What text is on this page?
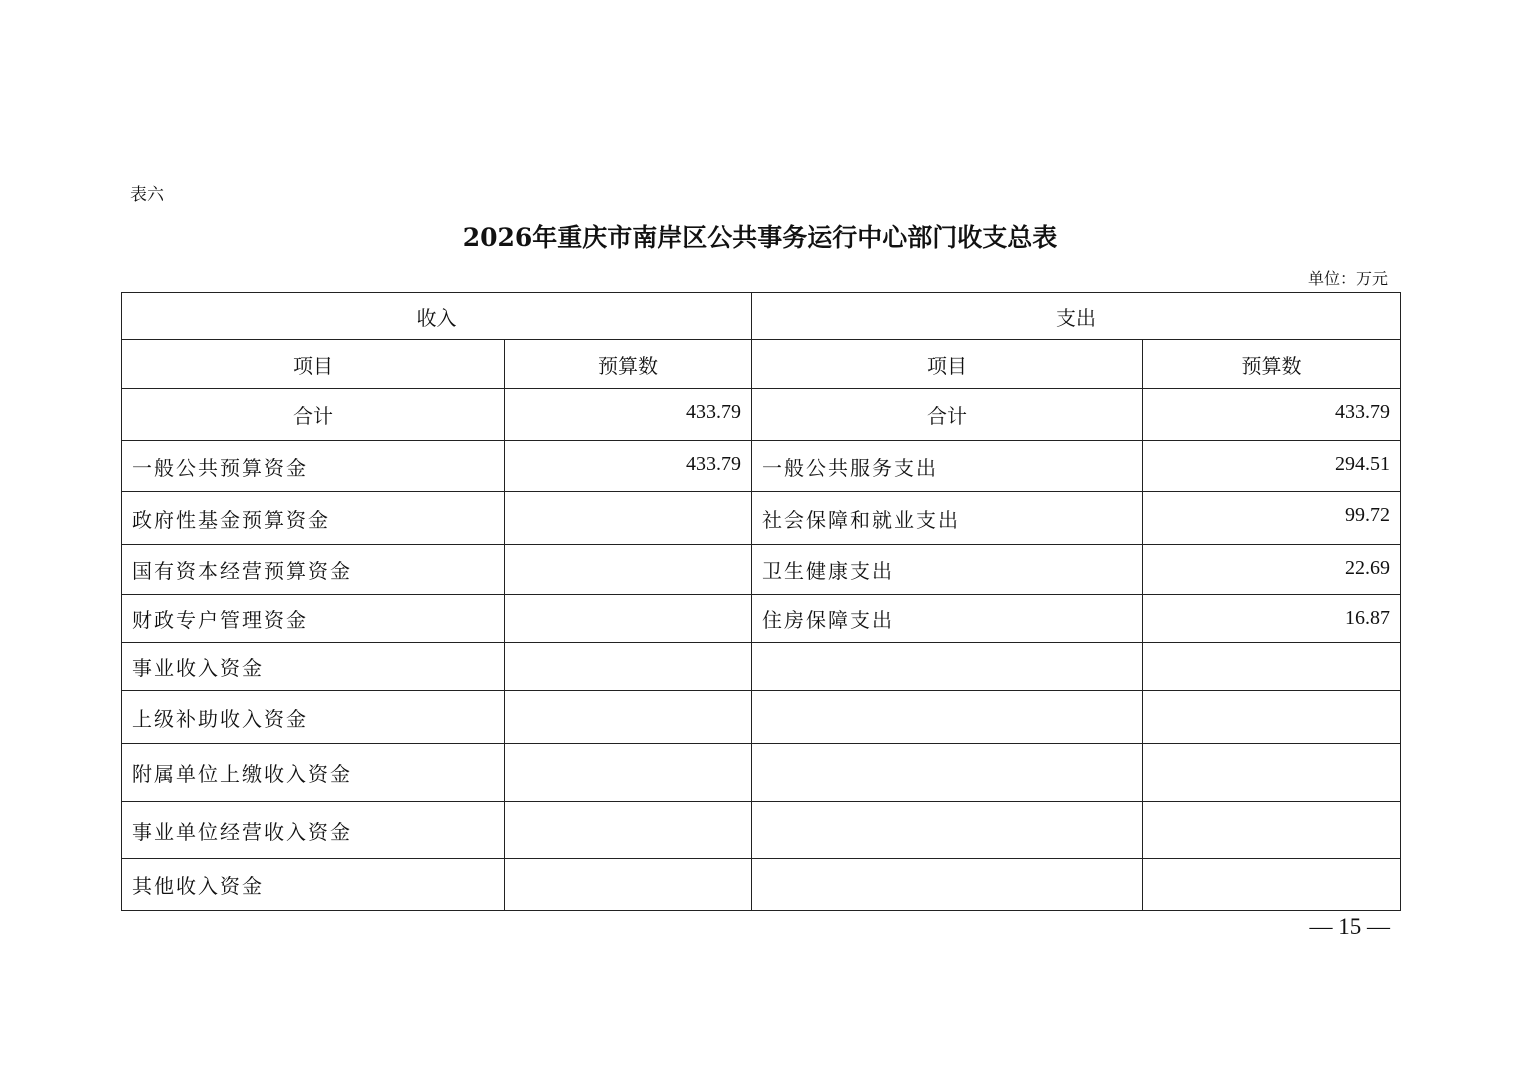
表六
2026年重庆市南岸区公共事务运行中心部门收支总表
单位：万元
收入		支出	
项目	预算数	项目	预算数
合计	433.79	合计	433.79
一般公共预算资金	433.79	一般公共服务支出	294.51
政府性基金预算资金		社会保障和就业支出	99.72
国有资本经营预算资金		卫生健康支出	22.69
财政专户管理资金		住房保障支出	16.87
事业收入资金			
上级补助收入资金			
附属单位上缴收入资金			
事业单位经营收入资金			
其他收入资金			
— 15 —
